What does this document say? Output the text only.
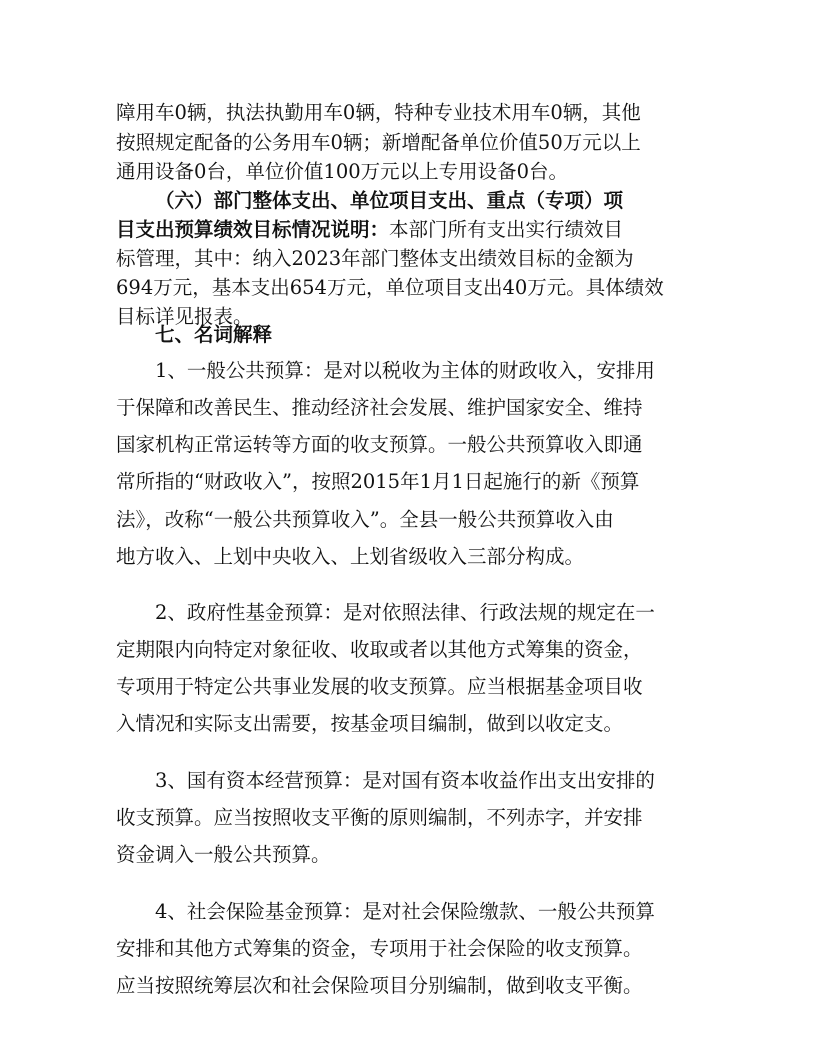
障用车0辆，执法执勤用车0辆，特种专业技术用车0辆，其他
按照规定配备的公务用车0辆；新增配备单位价值50万元以上
通用设备0台，单位价值100万元以上专用设备0台。
（六）部门整体支出、单位项目支出、重点（专项）项
目支出预算绩效目标情况说明：本部门所有支出实行绩效目
标管理，其中：纳入2023年部门整体支出绩效目标的金额为
694万元，基本支出654万元，单位项目支出40万元。具体绩效
目标详见报表。
七、名词解释
1、一般公共预算：是对以税收为主体的财政收入，安排用
于保障和改善民生、推动经济社会发展、维护国家安全、维持
国家机构正常运转等方面的收支预算。一般公共预算收入即通
常所指的“财政收入”，按照2015年1月1日起施行的新《预算
法》，改称“一般公共预算收入”。全县一般公共预算收入由
地方收入、上划中央收入、上划省级收入三部分构成。
2、政府性基金预算：是对依照法律、行政法规的规定在一
定期限内向特定对象征收、收取或者以其他方式筹集的资金，
专项用于特定公共事业发展的收支预算。应当根据基金项目收
入情况和实际支出需要，按基金项目编制，做到以收定支。
3、国有资本经营预算：是对国有资本收益作出支出安排的
收支预算。应当按照收支平衡的原则编制，不列赤字，并安排
资金调入一般公共预算。
4、社会保险基金预算：是对社会保险缴款、一般公共预算
安排和其他方式筹集的资金，专项用于社会保险的收支预算。
应当按照统筹层次和社会保险项目分别编制，做到收支平衡。
